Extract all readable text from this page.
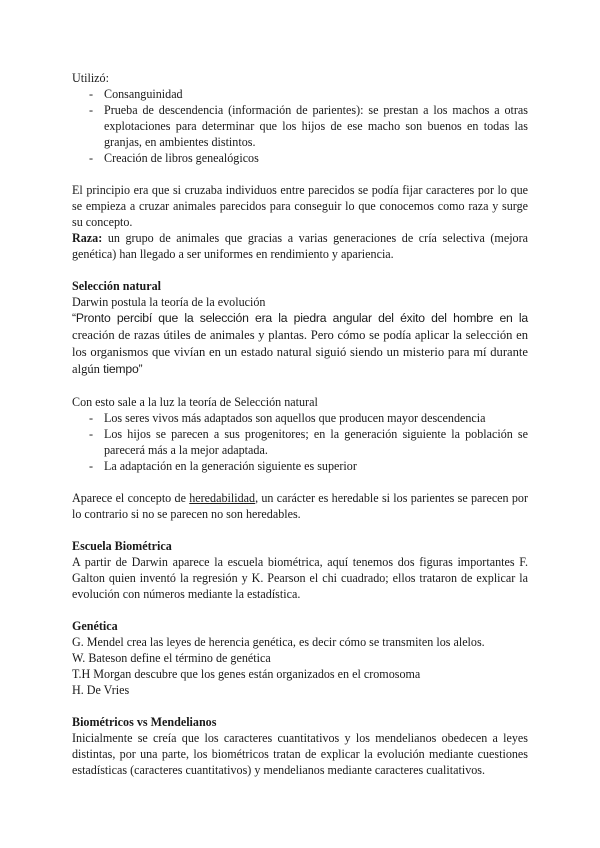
Utilizó:

- Consanguinidad
- Prueba de descendencia (información de parientes): se prestan a los machos a otras explotaciones para determinar que los hijos de ese macho son buenos en todas las granjas, en ambientes distintos.
- Creación de libros genealógicos

El principio era que si cruzaba individuos entre parecidos se podía fijar caracteres por lo que se empieza a cruzar animales parecidos para conseguir lo que conocemos como raza y surge su concepto.

Raza: un grupo de animales que gracias a varias generaciones de cría selectiva (mejora genética) han llegado a ser uniformes en rendimiento y apariencia.

Selección natural

Darwin postula la teoría de la evolución

“Pronto percibí que la selección era la piedra angular del éxito del hombre en la creación de razas útiles de animales y plantas. Pero cómo se podía aplicar la selección en los organismos que vivían en un estado natural siguió siendo un misterio para mí durante algún tiempo”

Con esto sale a la luz la teoría de Selección natural

- Los seres vivos más adaptados son aquellos que producen mayor descendencia
- Los hijos se parecen a sus progenitores; en la generación siguiente la población se parecerá más a la mejor adaptada.
- La adaptación en la generación siguiente es superior

Aparece el concepto de heredabilidad, un carácter es heredable si los parientes se parecen por lo contrario si no se parecen no son heredables.

Escuela Biométrica

A partir de Darwin aparece la escuela biométrica, aquí tenemos dos figuras importantes F. Galton quien inventó la regresión y K. Pearson el chi cuadrado; ellos trataron de explicar la evolución con números mediante la estadística.

Genética

G. Mendel crea las leyes de herencia genética, es decir cómo se transmiten los alelos.

W. Bateson define el término de genética

T.H Morgan descubre que los genes están organizados en el cromosoma

H. De Vries

Biométricos vs Mendelianos

Inicialmente se creía que los caracteres cuantitativos y los mendelianos obedecen a leyes distintas, por una parte, los biométricos tratan de explicar la evolución mediante cuestiones estadísticas (caracteres cuantitativos) y mendelianos mediante caracteres cualitativos.
